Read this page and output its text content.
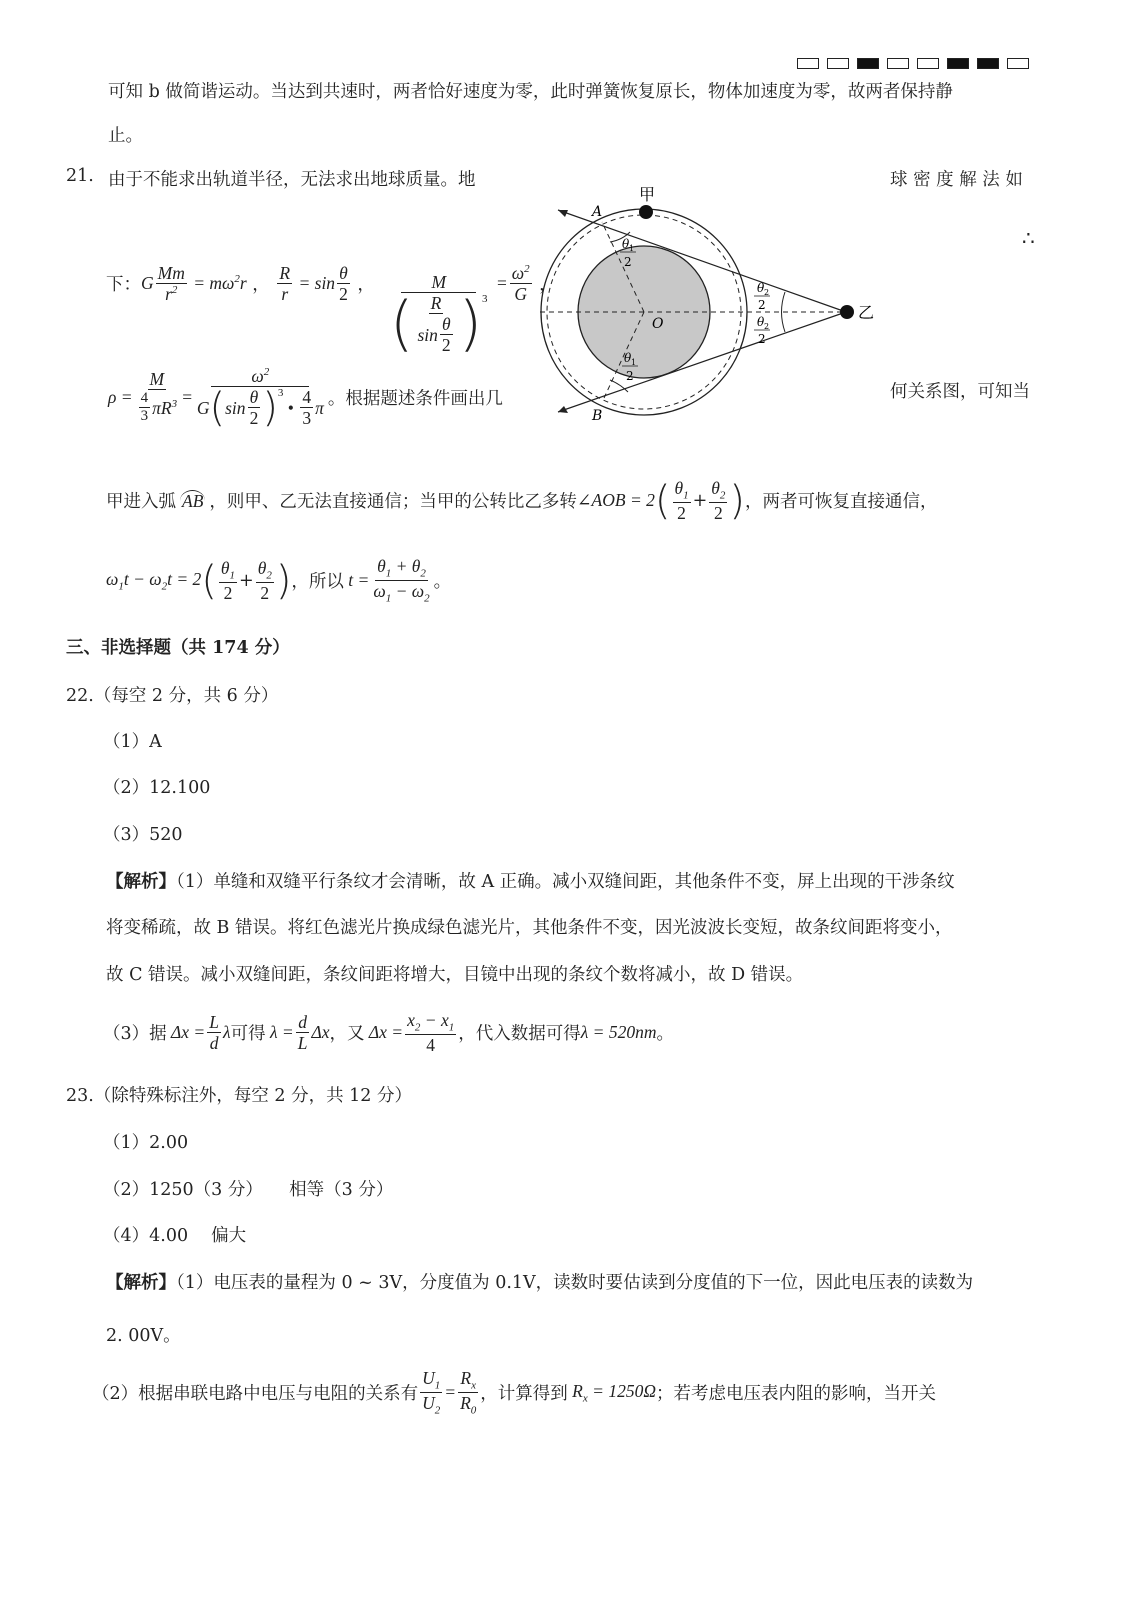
可知 b 做简谐运动。当达到共速时，两者恰好速度为零，此时弹簧恢复原长，物体加速度为零，故两者保持静
止。
21. 由于不能求出轨道半径，无法求出地球质量。地	球 密 度 解 法 如
下： G $\frac{Mm}{r^2} = m\omega^2r$ ， $\frac{R}{r} = \sin \frac{\theta}{2}$ ， $\frac{M}{( \frac{R}{\sin \frac{\theta}{2}} )^3} = \frac{\omega^2}{G}$ ，
∴
$\rho = \frac{M}{\frac{4}{3} \pi R^3} = \omega^2$
G ( $\sin \frac{\theta}{2} )^3$
• $\frac{4}{3}$ π 。根据题述条件画出几	何关系图，可知当
甲
乙
A
B
O
θ 1
2
θ 2
2
θ 2
2
θ 1
2
甲进入弧 AB ，则甲、乙无法直接通信；当甲的公转比乙多转 ∠AOB = 2 ( $\frac{\theta_1}{2} + \frac{\theta_2}{2}$ ) ，两者可恢复直接通信，
$\omega_1t - \omega_2t = 2$ ( $\frac{\theta_1}{2} + \frac{\theta_2}{2}$ ) ，所以 $t = \frac{\theta_1 + \theta_2}{\omega_1 - \omega_2}$ 。
三、非选择题（共 174 分）
22.（每空 2 分，共 6 分）
（1）A
（2）12.100
（3）520
【解析】（1）单缝和双缝平行条纹才会清晰，故 A 正确。减小双缝间距，其他条件不变，屏上出现的干涉条纹
将变稀疏，故 B 错误。将红色滤光片换成绿色滤光片，其他条件不变，因光波波长变短，故条纹间距将变小，
故 C 错误。减小双缝间距，条纹间距将增大，目镜中出现的条纹个数将减小，故 D 错误。
（3）据 $\Delta x = \frac{L}{d}$ λ 可得 $\lambda = \frac{d}{L}$ Δx ，又 $\Delta x = \frac{x_2 - x_1}{4}$ ，代入数据可得 λ = 520nm 。
23.（除特殊标注外，每空 2 分，共 12 分）
（1）2.00
（2）1250（3 分）　　相等（3 分）
（4）4.00　 偏大
【解析】（1）电压表的量程为 0 ~ 3V，分度值为 0.1V，读数时要估读到分度值的下一位，因此电压表的读数为
2. 00V。
（2）根据串联电路中电压与电阻的关系有 $\frac{U_1}{U_2} = \frac{R_x}{R_0}$ ，计算得到 $R_x = 1250\Omega$ ；若考虑电压表内阻的影响，当开关
